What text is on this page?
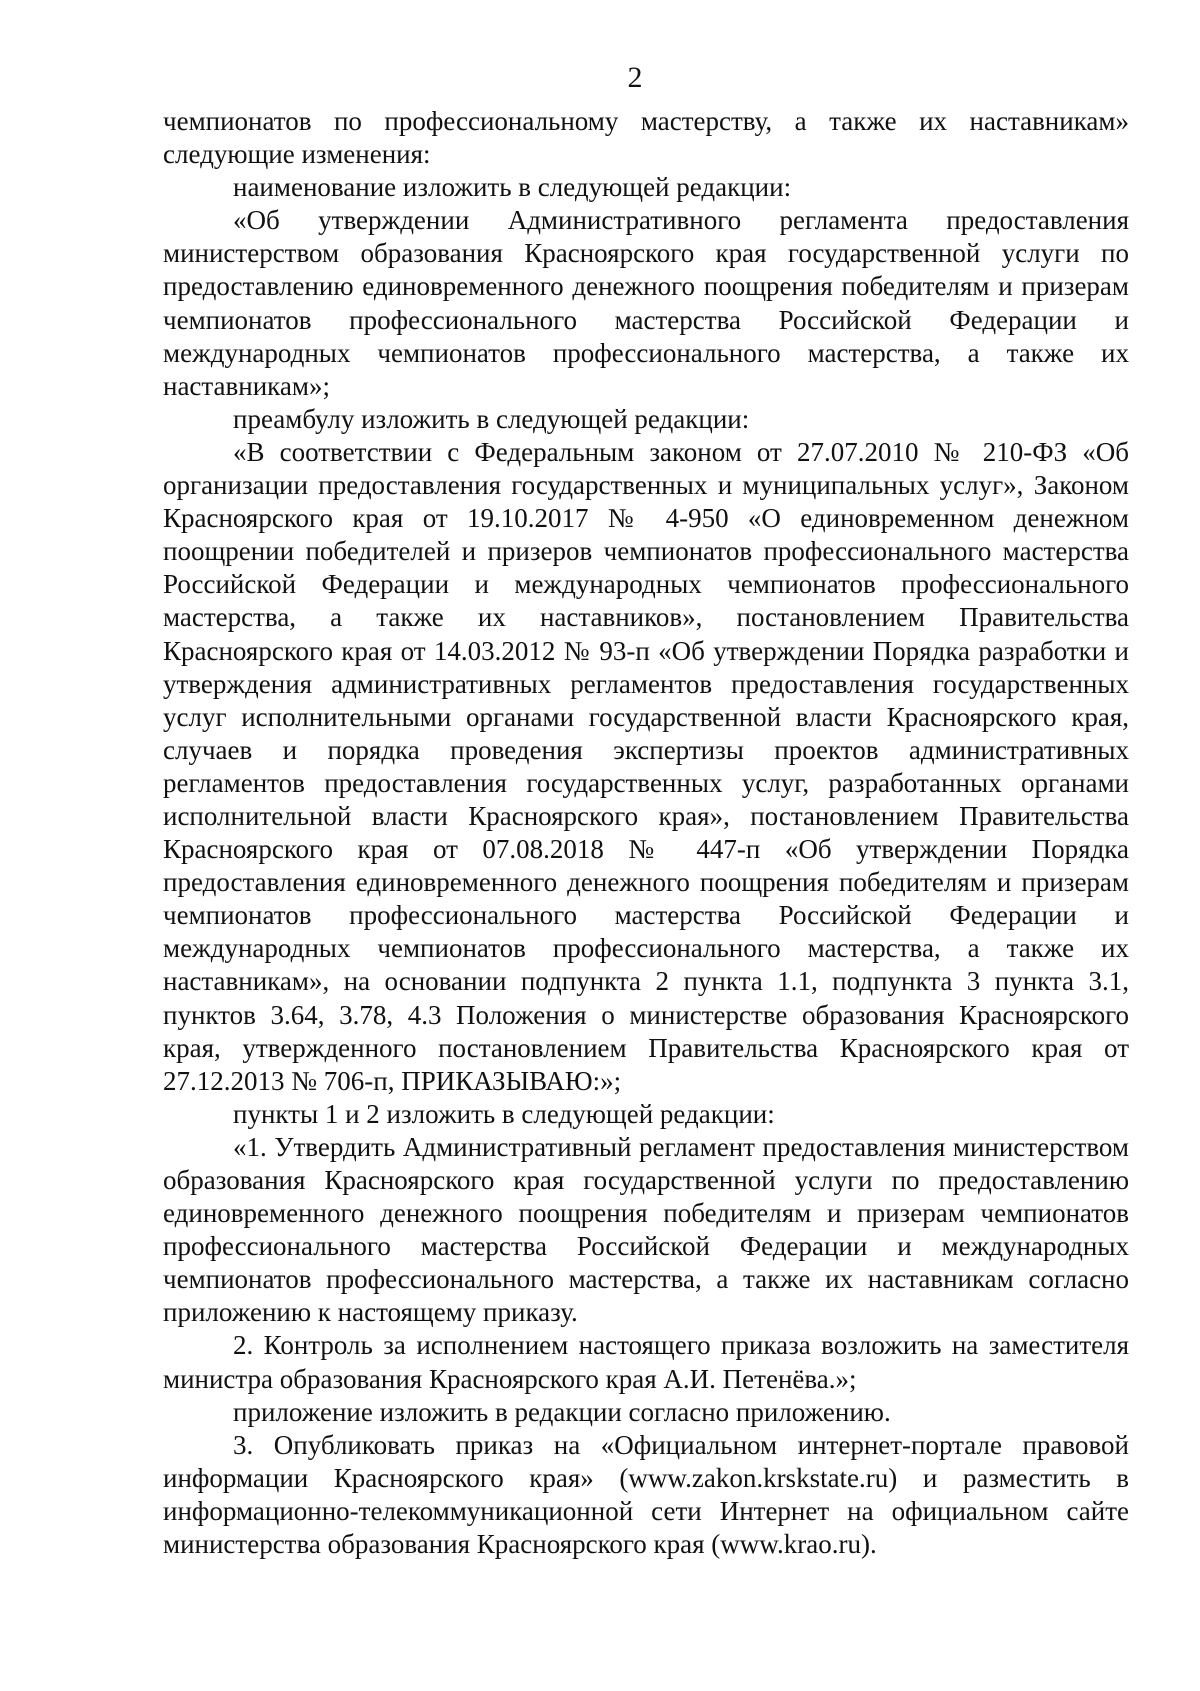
2

чемпионатов по профессиональному мастерству, а также их наставникам» следующие изменения:

наименование изложить в следующей редакции:

«Об утверждении Административного регламента предоставления министерством образования Красноярского края государственной услуги по предоставлению единовременного денежного поощрения победителям и призерам чемпионатов профессионального мастерства Российской Федерации и международных чемпионатов профессионального мастерства, а также их наставникам»;

преамбулу изложить в следующей редакции:

«В соответствии с Федеральным законом от 27.07.2010 № 210-ФЗ «Об организации предоставления государственных и муниципальных услуг», Законом Красноярского края от 19.10.2017 № 4-950 «О единовременном денежном поощрении победителей и призеров чемпионатов профессионального мастерства Российской Федерации и международных чемпионатов профессионального мастерства, а также их наставников», постановлением Правительства Красноярского края от 14.03.2012 № 93-п «Об утверждении Порядка разработки и утверждения административных регламентов предоставления государственных услуг исполнительными органами государственной власти Красноярского края, случаев и порядка проведения экспертизы проектов административных регламентов предоставления государственных услуг, разработанных органами исполнительной власти Красноярского края», постановлением Правительства Красноярского края от 07.08.2018 № 447-п «Об утверждении Порядка предоставления единовременного денежного поощрения победителям и призерам чемпионатов профессионального мастерства Российской Федерации и международных чемпионатов профессионального мастерства, а также их наставникам», на основании подпункта 2 пункта 1.1, подпункта 3 пункта 3.1, пунктов 3.64, 3.78, 4.3 Положения о министерстве образования Красноярского края, утвержденного постановлением Правительства Красноярского края от 27.12.2013 № 706-п, ПРИКАЗЫВАЮ:»;

пункты 1 и 2 изложить в следующей редакции:

«1. Утвердить Административный регламент предоставления министерством образования Красноярского края государственной услуги по предоставлению единовременного денежного поощрения победителям и призерам чемпионатов профессионального мастерства Российской Федерации и международных чемпионатов профессионального мастерства, а также их наставникам согласно приложению к настоящему приказу.

2. Контроль за исполнением настоящего приказа возложить на заместителя министра образования Красноярского края А.И. Петенёва.»;

приложение изложить в редакции согласно приложению.

3. Опубликовать приказ на «Официальном интернет-портале правовой информации Красноярского края» (www.zakon.krskstate.ru) и разместить в информационно-телекоммуникационной сети Интернет на официальном сайте министерства образования Красноярского края (www.krao.ru).
